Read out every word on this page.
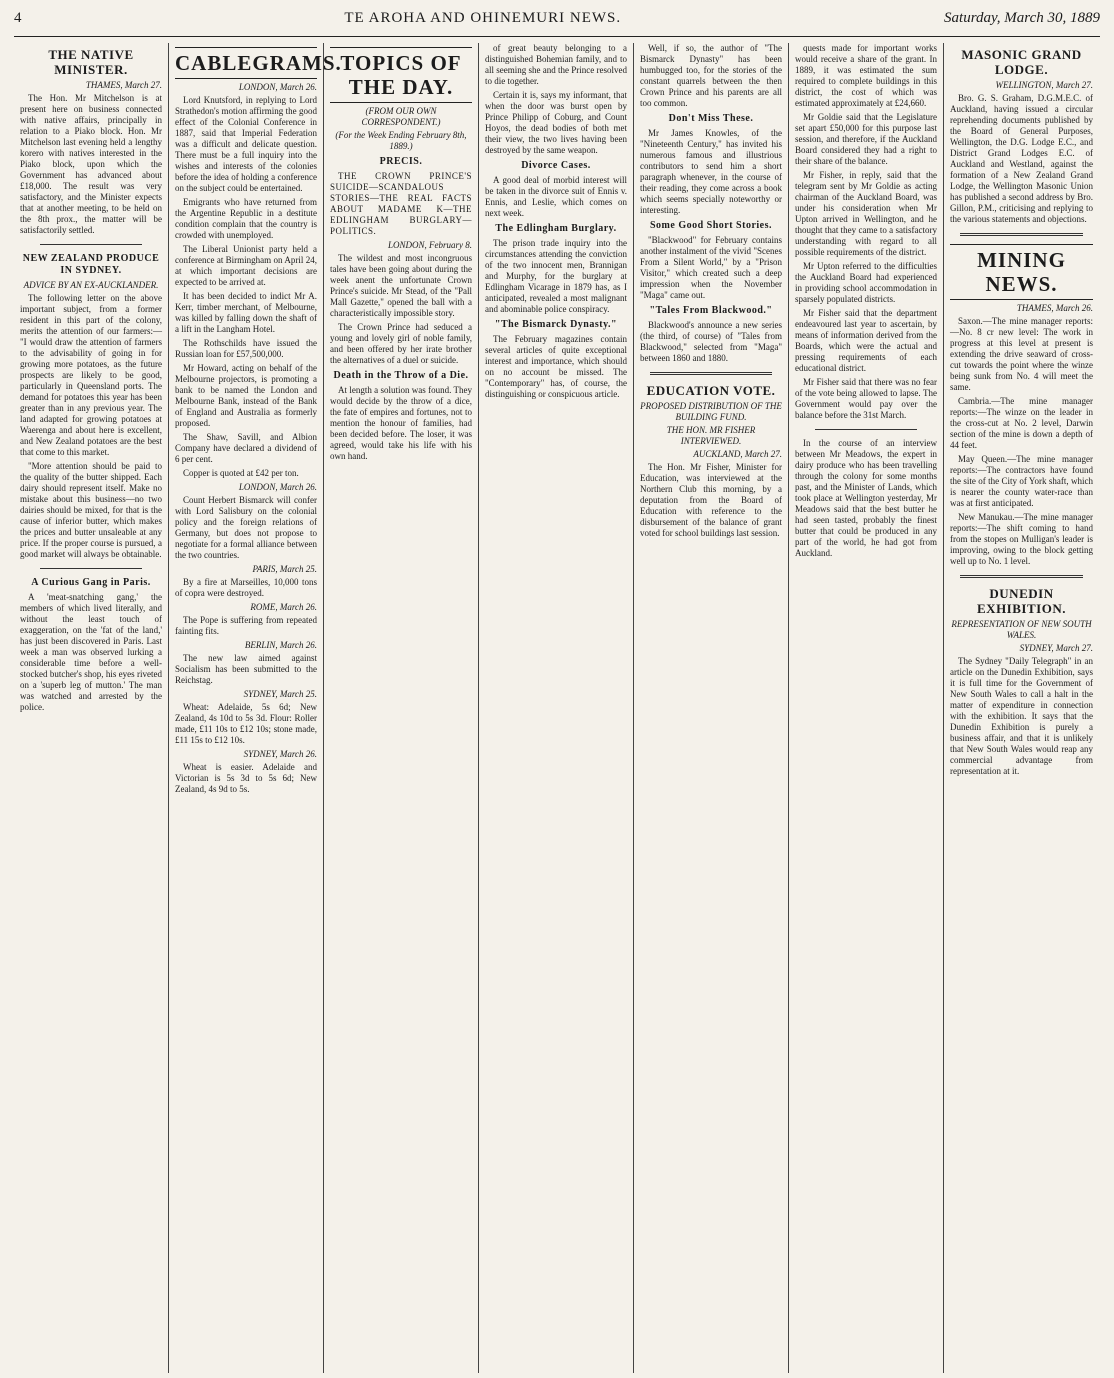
4	TE AROHA AND OHINEMURI NEWS.	Saturday, March 30, 1889
THE NATIVE MINISTER.
THAMES, March 27.

The Hon. Mr Mitchelson is at present here on business connected with native affairs, principally in relation to a Piako block. Hon. Mr Mitchelson last evening held a lengthy korero with natives interested in the Piako block, upon which the Government has advanced about £18,000. The result was very satisfactory, and the Minister expects that at another meeting, to be held on the 8th prox., the matter will be satisfactorily settled.

NEW ZEALAND PRODUCE IN SYDNEY.
ADVICE BY AN EX-AUCKLANDER.

The following letter on the above important subject, from a former resident in this part of the colony, merits the attention of our farmers:— "I would draw the attention of farmers to the advisability of going in for growing more potatoes, as the future prospects are likely to be good, particularly in Queensland ports. The demand for potatoes this year has been greater than in any previous year. The land adapted for growing potatoes at Waerenga and about here is excellent, and New Zealand potatoes are the best that come to this market.

"More attention should be paid to the quality of the butter shipped. Each dairy should represent itself. Make no mistake about this business—no two dairies should be mixed, for that is the cause of inferior butter, which makes the prices and butter unsaleable at any price. If the proper course is pursued, a good market will always be obtainable.

A Curious Gang in Paris.

A 'meat-snatching gang,' the members of which lived literally, and without the least touch of exaggeration, on the 'fat of the land,' has just been discovered in Paris. Last week a man was observed lurking a considerable time before a well-stocked butcher's shop, his eyes riveted on a 'superb leg of mutton.' The man was watched and arrested by the police.

CABLEGRAMS.
LONDON, March 26.

Lord Knutsford, in replying to Lord Strathedon's motion affirming the good effect of the Colonial Conference in 1887, said that Imperial Federation was a difficult and delicate question. There must be a full inquiry into the wishes and interests of the colonies before the idea of holding a conference on the subject could be entertained.

Emigrants who have returned from the Argentine Republic in a destitute condition complain that the country is crowded with unemployed.

The Liberal Unionist party held a conference at Birmingham on April 24, at which important decisions are expected to be arrived at.

It has been decided to indict Mr A. Kerr, timber merchant, of Melbourne, was killed by falling down the shaft of a lift in the Langham Hotel.

The Rothschilds have issued the Russian loan for £57,500,000.

Mr Howard, acting on behalf of the Melbourne projectors, is promoting a bank to be named the London and Melbourne Bank, instead of the Bank of England and Australia as formerly proposed.

The Shaw, Savill, and Albion Company have declared a dividend of 6 per cent.

Copper is quoted at £42 per ton.

LONDON, March 26.

Count Herbert Bismarck will confer with Lord Salisbury on the colonial policy and the foreign relations of Germany, but does not propose to negotiate for a formal alliance between the two countries.

PARIS, March 25.

By a fire at Marseilles, 10,000 tons of copra were destroyed.

ROME, March 26.

The Pope is suffering from repeated fainting fits.

BERLIN, March 26.

The new law aimed against Socialism has been submitted to the Reichstag.

SYDNEY, March 25.

Wheat: Adelaide, 5s 6d; New Zealand, 4s 10d to 5s 3d. Flour: Roller made, £11 10s to £12 10s; stone made, £11 15s to £12 10s.

SYDNEY, March 26.

Wheat is easier. Adelaide and Victorian is 5s 3d to 5s 6d; New Zealand, 4s 9d to 5s.

TOPICS OF THE DAY.
(FROM OUR OWN CORRESPONDENT.)
(For the Week Ending February 8th, 1889.)
PRECIS.

THE CROWN PRINCE'S SUICIDE—SCANDALOUS STORIES—THE REAL FACTS ABOUT MADAME K—THE EDLINGHAM BURGLARY—POLITICS.

LONDON, February 8.

The wildest and most incongruous tales have been going about during the week anent the unfortunate Crown Prince's suicide. Mr Stead, of the "Pall Mall Gazette," opened the ball with a characteristically impossible story.

The Crown Prince had seduced a young and lovely girl of noble family, and been offered by her irate brother the alternatives of a duel or suicide.

Death in the Throw of a Die.

At length a solution was found. They would decide by the throw of a dice, the fate of empires and fortunes, not to mention the honour of families, had been decided before. The loser, it was agreed, would take his life with his own hand.

of great beauty belonging to a distinguished Bohemian family, and to all seeming she and the Prince resolved to die together.

Certain it is, says my informant, that when the door was burst open by Prince Philipp of Coburg, and Count Hoyos, the dead bodies of both met their view, the two lives having been destroyed by the same weapon.

Divorce Cases.

A good deal of morbid interest will be taken in the divorce suit of Ennis v. Ennis, and Leslie, which comes on next week.

The Edlingham Burglary.

The prison trade inquiry into the circumstances attending the conviction of the two innocent men, Brannigan and Murphy, for the burglary at Edlingham Vicarage in 1879 has, as I anticipated, revealed a most malignant and abominable police conspiracy.

"The Bismarck Dynasty."

The February magazines contain several articles of quite exceptional interest and importance, which should on no account be missed. The "Contemporary" has, of course, the distinguishing or conspicuous article.

Well, if so, the author of "The Bismarck Dynasty" has been humbugged too, for the stories of the constant quarrels between the then Crown Prince and his parents are all too common.

Don't Miss These.

Mr James Knowles, of the "Nineteenth Century," has invited his numerous famous and illustrious contributors to send him a short paragraph whenever, in the course of their reading, they come across a book which seems specially noteworthy or interesting.

Some Good Short Stories.

"Blackwood" for February contains another instalment of the vivid "Scenes From a Silent World," by a "Prison Visitor," which created such a deep impression when the November "Maga" came out.

"Tales From Blackwood."

Blackwood's announce a new series (the third, of course) of "Tales from Blackwood," selected from "Maga" between 1860 and 1880.

EDUCATION VOTE.
PROPOSED DISTRIBUTION OF THE BUILDING FUND.
THE HON. MR FISHER INTERVIEWED.
AUCKLAND, March 27.

The Hon. Mr Fisher, Minister for Education, was interviewed at the Northern Club this morning, by a deputation from the Board of Education with reference to the disbursement of the balance of grant voted for school buildings last session.

quests made for important works would receive a share of the grant. In 1889, it was estimated the sum required to complete buildings in this district, the cost of which was estimated approximately at £24,660.

Mr Goldie said that the Legislature set apart £50,000 for this purpose last session, and therefore, if the Auckland Board considered they had a right to their share of the balance.

Mr Fisher, in reply, said that the telegram sent by Mr Goldie as acting chairman of the Auckland Board, was under his consideration when Mr Upton arrived in Wellington, and he thought that they came to a satisfactory understanding with regard to all possible requirements of the district.

Mr Upton referred to the difficulties the Auckland Board had experienced in providing school accommodation in sparsely populated districts.

Mr Fisher said that the department endeavoured last year to ascertain, by means of information derived from the Boards, which were the actual and pressing requirements of each educational district.

Mr Fisher said that there was no fear of the vote being allowed to lapse. The Government would pay over the balance before the 31st March.

In the course of an interview between Mr Meadows, the expert in dairy produce who has been travelling through the colony for some months past, and the Minister of Lands, which took place at Wellington yesterday, Mr Meadows said that the best butter he had seen tasted, probably the finest butter that could be produced in any part of the world, he had got from Auckland.

MASONIC GRAND LODGE.
WELLINGTON, March 27.

Bro. G. S. Graham, D.G.M.E.C. of Auckland, having issued a circular reprehending documents published by the Board of General Purposes, Wellington, the D.G. Lodge E.C., and District Grand Lodges E.C. of Auckland and Westland, against the formation of a New Zealand Grand Lodge, the Wellington Masonic Union has published a second address by Bro. Gillon, P.M., criticising and replying to the various statements and objections.

MINING NEWS.
THAMES, March 26.

Saxon.—The mine manager reports:—No. 8 cr new level: The work in progress at this level at present is extending the drive seaward of cross-cut towards the point where the winze being sunk from No. 4 will meet the same.

Cambria.—The mine manager reports:—The winze on the leader in the cross-cut at No. 2 level, Darwin section of the mine is down a depth of 44 feet.

May Queen.—The mine manager reports:—The contractors have found the site of the City of York shaft, which is nearer the county water-race than was at first anticipated.

New Manukau.—The mine manager reports:—The shift coming to hand from the stopes on Mulligan's leader is improving, owing to the block getting well up to No. 1 level.

DUNEDIN EXHIBITION.
REPRESENTATION OF NEW SOUTH WALES.
SYDNEY, March 27.

The Sydney "Daily Telegraph" in an article on the Dunedin Exhibition, says it is full time for the Government of New South Wales to call a halt in the matter of expenditure in connection with the exhibition. It says that the Dunedin Exhibition is purely a business affair, and that it is unlikely that New South Wales would reap any commercial advantage from representation at it.
